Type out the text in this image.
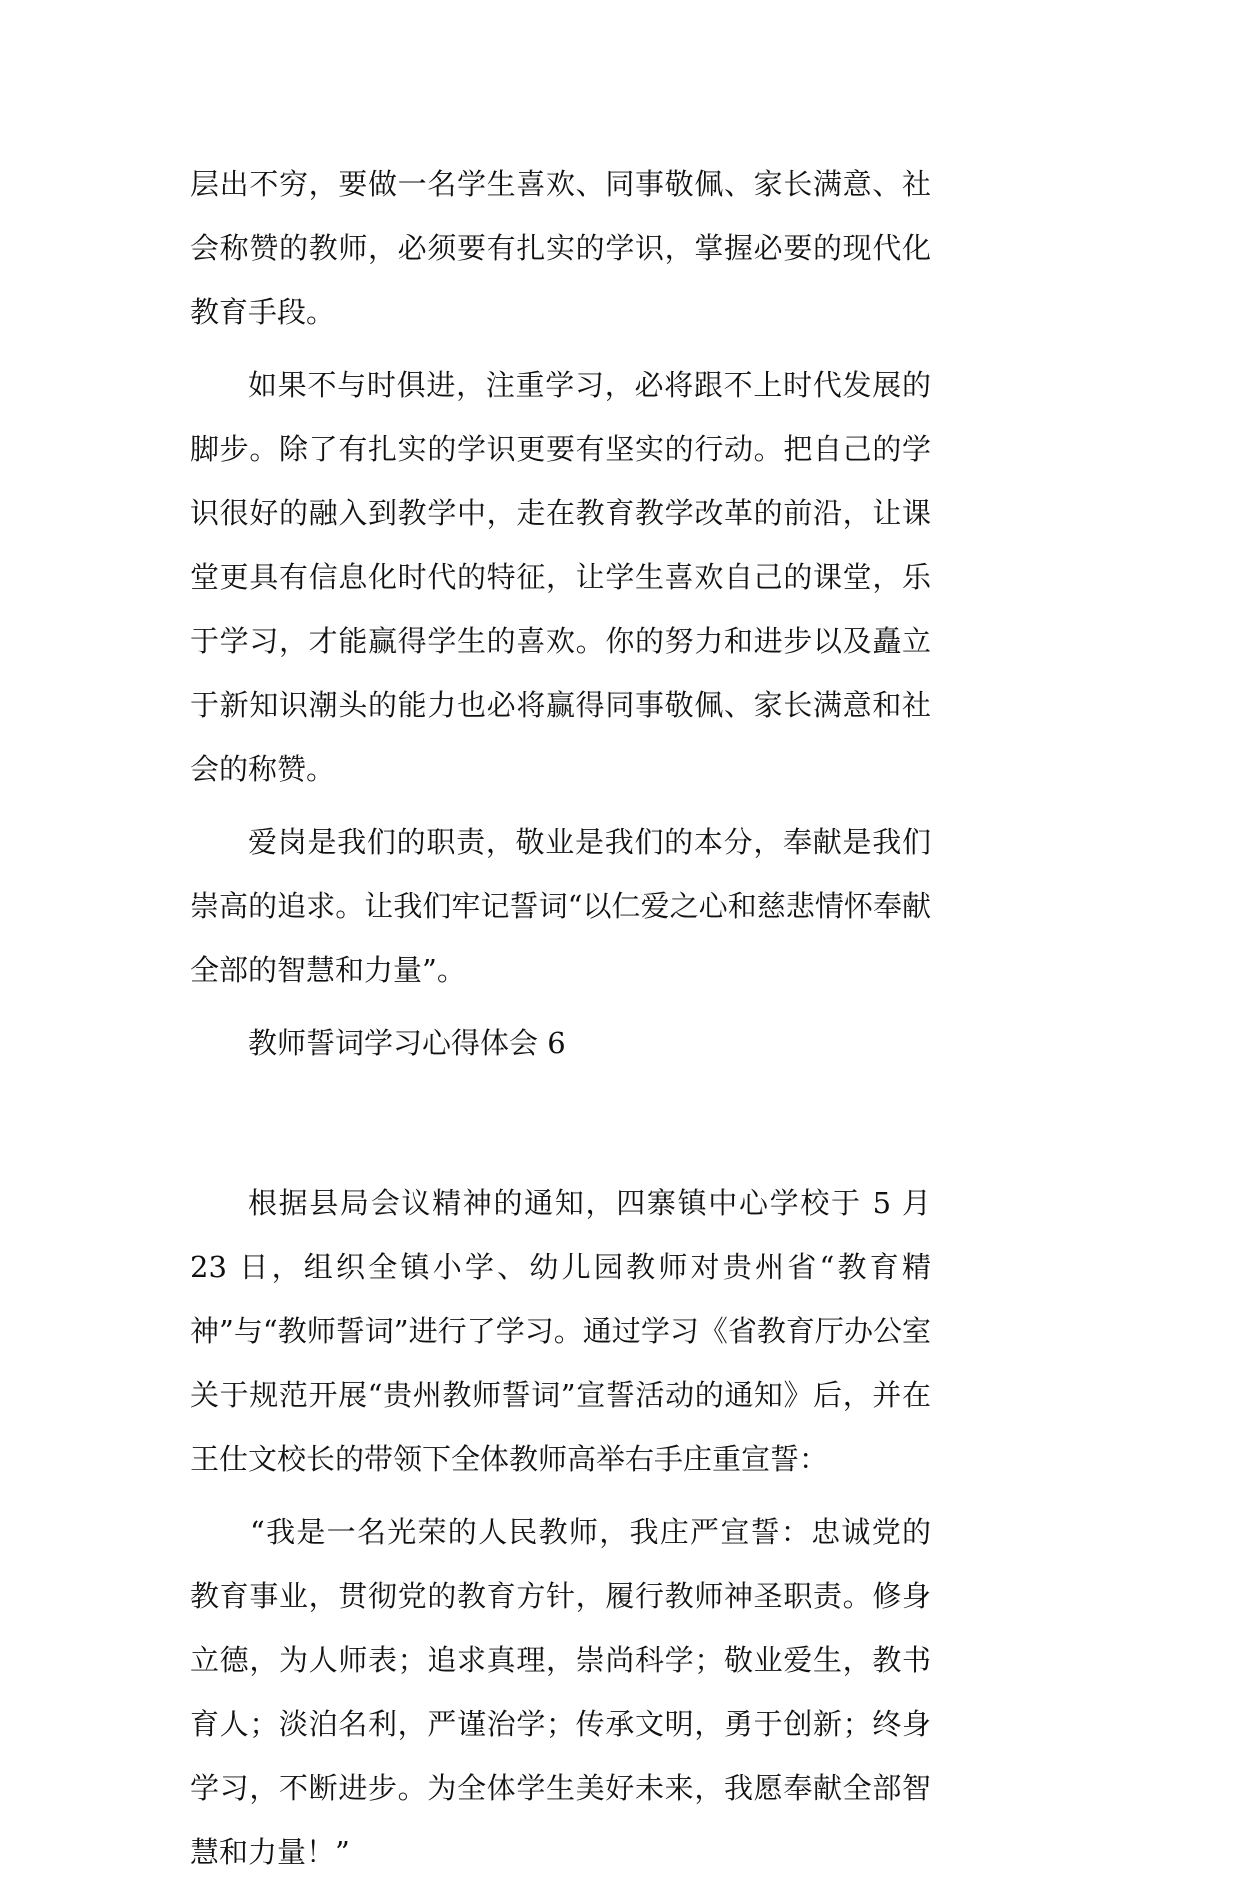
层出不穷，要做一名学生喜欢、同事敬佩、家长满意、社会称赞的教师，必须要有扎实的学识，掌握必要的现代化教育手段。

如果不与时俱进，注重学习，必将跟不上时代发展的脚步。除了有扎实的学识更要有坚实的行动。把自己的学识很好的融入到教学中，走在教育教学改革的前沿，让课堂更具有信息化时代的特征，让学生喜欢自己的课堂，乐于学习，才能赢得学生的喜欢。你的努力和进步以及矗立于新知识潮头的能力也必将赢得同事敬佩、家长满意和社会的称赞。

爱岗是我们的职责，敬业是我们的本分，奉献是我们崇高的追求。让我们牢记誓词“以仁爱之心和慈悲情怀奉献全部的智慧和力量”。

教师誓词学习心得体会 6

根据县局会议精神的通知，四寨镇中心学校于 5 月 23 日，组织全镇小学、幼儿园教师对贵州省“教育精神”与“教师誓词”进行了学习。通过学习《省教育厅办公室关于规范开展“贵州教师誓词”宣誓活动的通知》后，并在王仕文校长的带领下全体教师高举右手庄重宣誓：

“我是一名光荣的人民教师，我庄严宣誓：忠诚党的教育事业，贯彻党的教育方针，履行教师神圣职责。修身立德，为人师表；追求真理，崇尚科学；敬业爱生，教书育人；淡泊名利，严谨治学；传承文明，勇于创新；终身学习，不断进步。为全体学生美好未来，我愿奉献全部智慧和力量！”
